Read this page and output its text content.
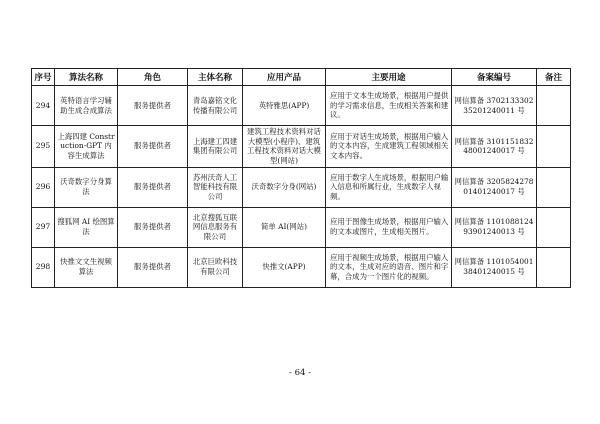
序号	算法名称	角色	主体名称	应用产品	主要用途	备案编号	备注
294	英特语言学习辅助生成合成算法	服务提供者	青岛嘉铭文化传播有限公司	英特雅思(APP)	应用于文本生成场景，根据用户提供的学习需求信息，生成相关答案和建议。	网信算备 370213330235201240011 号	
295	上海四建 Construction-GPT 内容生成算法	服务提供者	上海建工四建集团有限公司	建筑工程技术资料对话大模型(小程序)、建筑工程技术资料对话大模型(网站)	应用于对话生成场景，根据用户输入的文本内容，生成建筑工程领域相关文本内容。	网信算备 310115183248001240017 号	
296	沃奇数字分身算法	服务提供者	苏州沃奇人工智能科技有限公司	沃奇数字分身(网站)	应用于数字人生成场景，根据用户输入信息和所属行业，生成数字人视频。	网信算备 320582427801401240017 号	
297	搜狐网 AI 绘图算法	服务提供者	北京搜狐互联网信息服务有限公司	简单 AI(网站)	应用于图像生成场景，根据用户输入的文本或图片，生成相关图片。	网信算备 110108812493901240013 号	
298	快推文文生视频算法	服务提供者	北京巨欧科技有限公司	快推文(APP)	应用于视频生成场景，根据用户输入的文本，生成对应的语音、图片和字幕，合成为一个图片化的视频。	网信算备 110105400138401240015 号	
- 64 -
